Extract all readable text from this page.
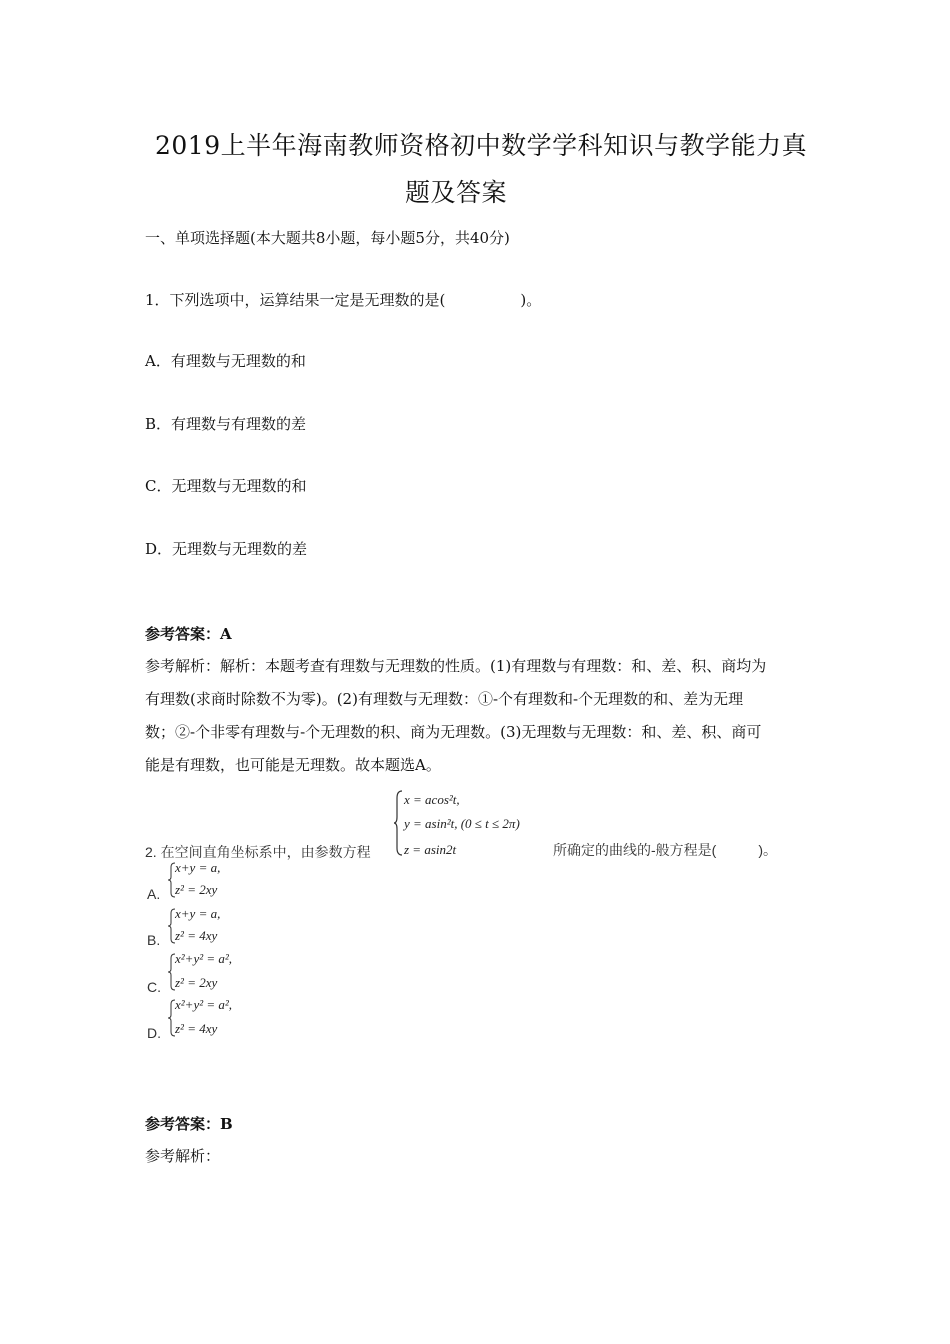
2019上半年海南教师资格初中数学学科知识与教学能力真
题及答案
一、单项选择题(本大题共8小题，每小题5分，共40分)
1．下列选项中，运算结果一定是无理数的是(　　　　　)。
A．有理数与无理数的和
B．有理数与有理数的差
C．无理数与无理数的和
D．无理数与无理数的差
参考答案：A
参考解析：解析：本题考查有理数与无理数的性质。(1)有理数与有理数：和、差、积、商均为
有理数(求商时除数不为零)。(2)有理数与无理数：①-个有理数和-个无理数的和、差为无理
数；②-个非零有理数与-个无理数的积、商为无理数。(3)无理数与无理数：和、差、积、商可
能是有理数，也可能是无理数。故本题选A。
2. 在空间直角坐标系中，由参数方程
x = acos²t,
y = asin²t, (0 ≤ t ≤ 2π)
z = asin2t	所确定的曲线的-般方程是(　　　)。
A.
x+y = a,
z² = 2xy
B.
x+y = a,
z² = 4xy
C.
x²+y² = a²,
z² = 2xy
D.
x²+y² = a²,
z² = 4xy
参考答案：B
参考解析：
